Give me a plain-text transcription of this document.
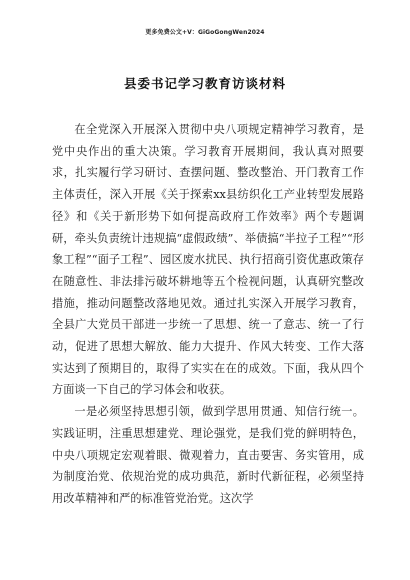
更多免费公文+V：GiGoGongWen2024
县委书记学习教育访谈材料

在全党深入开展深入贯彻中央八项规定精神学习教育，是党中央作出的重大决策。学习教育开展期间，我认真对照要求，扎实履行学习研讨、查摆问题、整改整治、开门教育工作主体责任，深入开展《关于探索xx县纺织化工产业转型发展路径》和《关于新形势下如何提高政府工作效率》两个专题调研，牵头负责统计违规搞“虚假政绩”、举债搞“半拉子工程”“形象工程”“面子工程”、园区废水扰民、执行招商引资优惠政策存在随意性、非法排污破坏耕地等五个检视问题，认真研究整改措施，推动问题整改落地见效。通过扎实深入开展学习教育，全县广大党员干部进一步统一了思想、统一了意志、统一了行动，促进了思想大解放、能力大提升、作风大转变、工作大落实达到了预期目的，取得了实实在在的成效。下面，我从四个方面谈一下自己的学习体会和收获。

一是必须坚持思想引领，做到学思用贯通、知信行统一。实践证明，注重思想建党、理论强党，是我们党的鲜明特色，中央八项规定宏观着眼、微观着力，直击要害、务实管用，成为制度治党、依规治党的成功典范，新时代新征程，必须坚持用改革精神和严的标准管党治党。这次学
